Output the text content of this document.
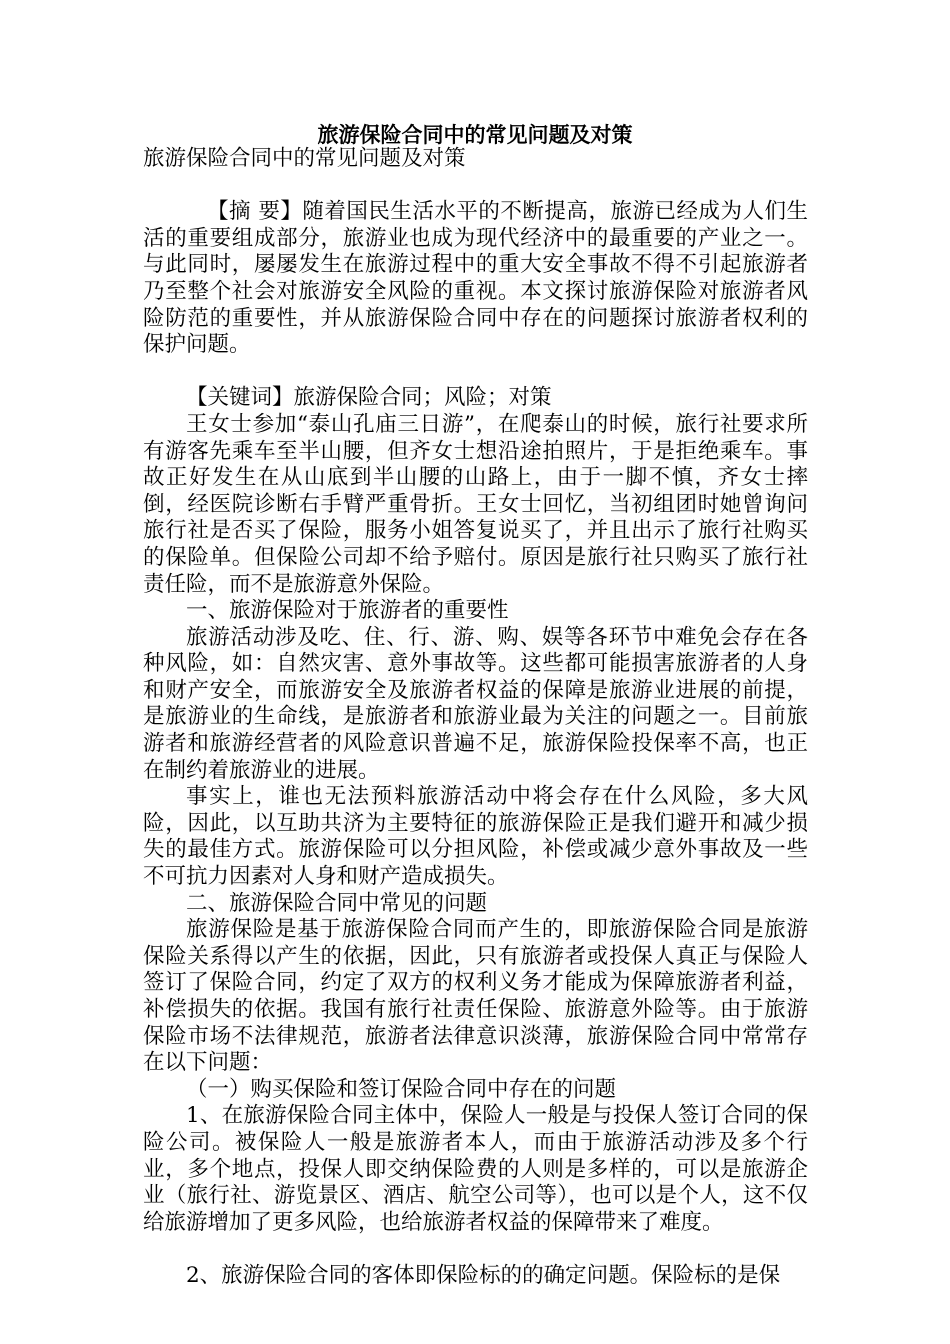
旅游保险合同中的常见问题及对策

旅游保险合同中的常见问题及对策

【摘 要】随着国民生活水平的不断提高，旅游已经成为人们生活的重要组成部分，旅游业也成为现代经济中的最重要的产业之一。与此同时，屡屡发生在旅游过程中的重大安全事故不得不引起旅游者乃至整个社会对旅游安全风险的重视。本文探讨旅游保险对旅游者风险防范的重要性，并从旅游保险合同中存在的问题探讨旅游者权利的保护问题。

【关键词】旅游保险合同；风险；对策

王女士参加“泰山孔庙三日游”，在爬泰山的时候，旅行社要求所有游客先乘车至半山腰，但齐女士想沿途拍照片，于是拒绝乘车。事故正好发生在从山底到半山腰的山路上，由于一脚不慎，齐女士摔倒，经医院诊断右手臂严重骨折。王女士回忆，当初组团时她曾询问旅行社是否买了保险，服务小姐答复说买了，并且出示了旅行社购买的保险单。但保险公司却不给予赔付。原因是旅行社只购买了旅行社责任险，而不是旅游意外保险。

一、旅游保险对于旅游者的重要性

旅游活动涉及吃、住、行、游、购、娱等各环节中难免会存在各种风险，如：自然灾害、意外事故等。这些都可能损害旅游者的人身和财产安全，而旅游安全及旅游者权益的保障是旅游业进展的前提，是旅游业的生命线，是旅游者和旅游业最为关注的问题之一。目前旅游者和旅游经营者的风险意识普遍不足，旅游保险投保率不高，也正在制约着旅游业的进展。

事实上，谁也无法预料旅游活动中将会存在什么风险，多大风险，因此，以互助共济为主要特征的旅游保险正是我们避开和减少损失的最佳方式。旅游保险可以分担风险，补偿或减少意外事故及一些不可抗力因素对人身和财产造成损失。

二、旅游保险合同中常见的问题

旅游保险是基于旅游保险合同而产生的，即旅游保险合同是旅游保险关系得以产生的依据，因此，只有旅游者或投保人真正与保险人签订了保险合同，约定了双方的权利义务才能成为保障旅游者利益，补偿损失的依据。我国有旅行社责任保险、旅游意外险等。由于旅游保险市场不法律规范，旅游者法律意识淡薄，旅游保险合同中常常存在以下问题：

（一）购买保险和签订保险合同中存在的问题

1、在旅游保险合同主体中，保险人一般是与投保人签订合同的保险公司。被保险人一般是旅游者本人，而由于旅游活动涉及多个行业，多个地点，投保人即交纳保险费的人则是多样的，可以是旅游企业（旅行社、游览景区、酒店、航空公司等），也可以是个人，这不仅给旅游增加了更多风险，也给旅游者权益的保障带来了难度。

2、旅游保险合同的客体即保险标的的确定问题。保险标的是保
